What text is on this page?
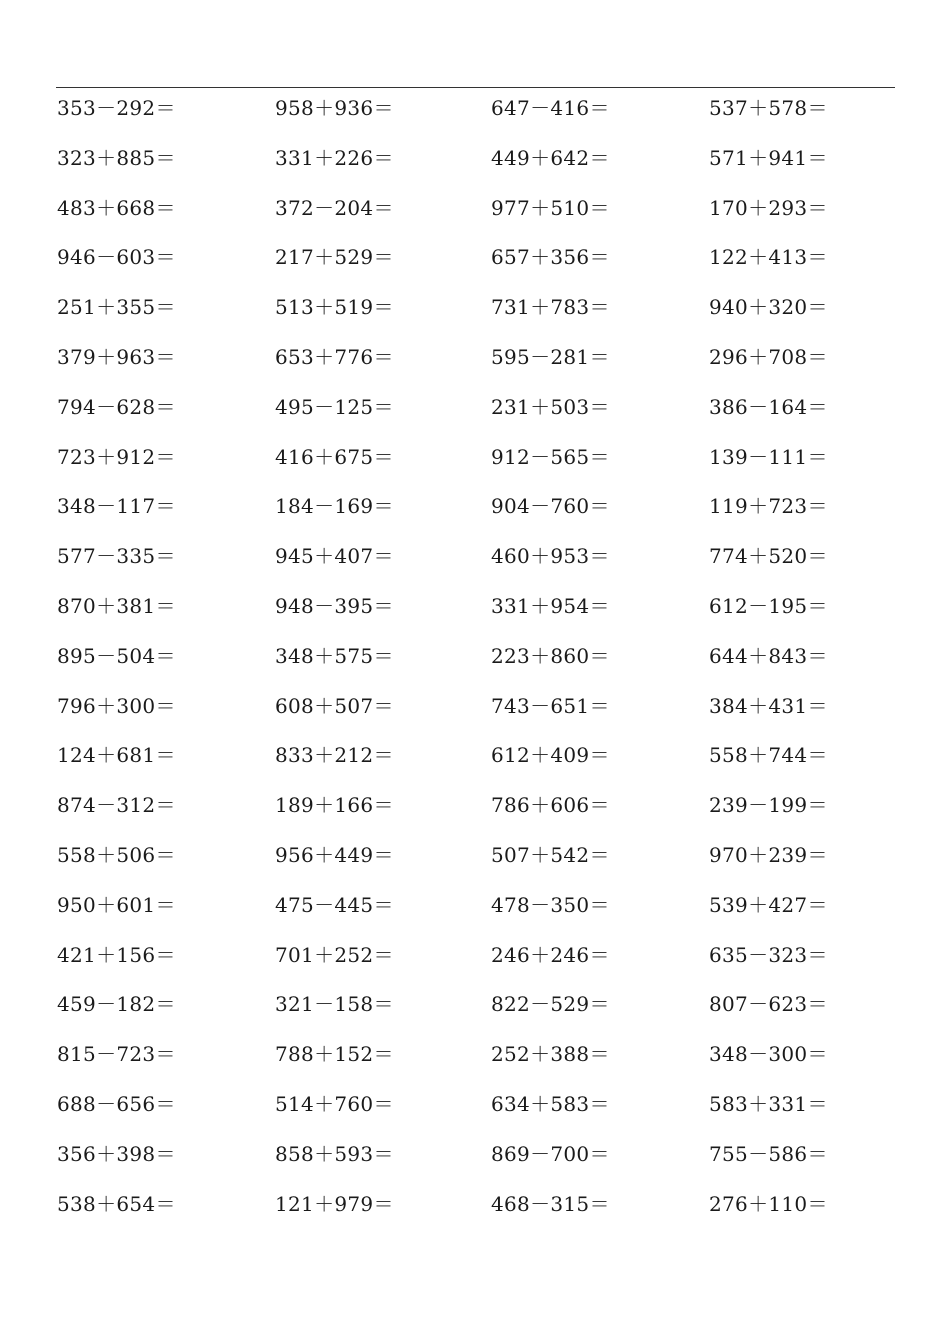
353－292＝	958＋936＝	647－416＝	537＋578＝
323＋885＝	331＋226＝	449＋642＝	571＋941＝
483＋668＝	372－204＝	977＋510＝	170＋293＝
946－603＝	217＋529＝	657＋356＝	122＋413＝
251＋355＝	513＋519＝	731＋783＝	940＋320＝
379＋963＝	653＋776＝	595－281＝	296＋708＝
794－628＝	495－125＝	231＋503＝	386－164＝
723＋912＝	416＋675＝	912－565＝	139－111＝
348－117＝	184－169＝	904－760＝	119＋723＝
577－335＝	945＋407＝	460＋953＝	774＋520＝
870＋381＝	948－395＝	331＋954＝	612－195＝
895－504＝	348＋575＝	223＋860＝	644＋843＝
796＋300＝	608＋507＝	743－651＝	384＋431＝
124＋681＝	833＋212＝	612＋409＝	558＋744＝
874－312＝	189＋166＝	786＋606＝	239－199＝
558＋506＝	956＋449＝	507＋542＝	970＋239＝
950＋601＝	475－445＝	478－350＝	539＋427＝
421＋156＝	701＋252＝	246＋246＝	635－323＝
459－182＝	321－158＝	822－529＝	807－623＝
815－723＝	788＋152＝	252＋388＝	348－300＝
688－656＝	514＋760＝	634＋583＝	583＋331＝
356＋398＝	858＋593＝	869－700＝	755－586＝
538＋654＝	121＋979＝	468－315＝	276＋110＝
